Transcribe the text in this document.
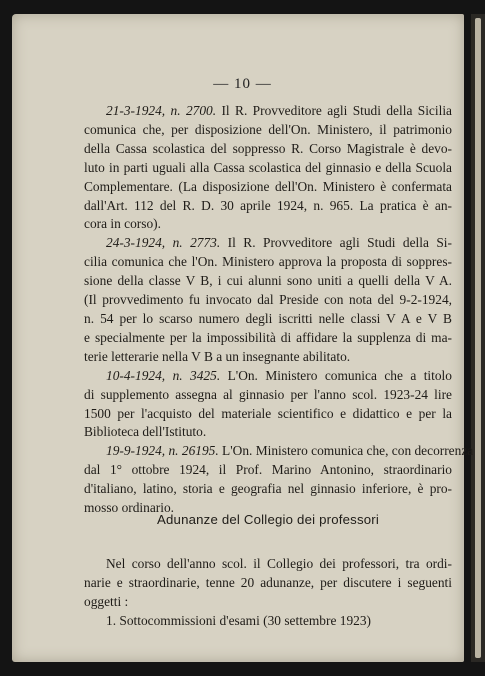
— 10 —
21-3-1924, n. 2700. Il R. Provveditore agli Studi della Sicilia
comunica che, per disposizione dell'On. Ministero, il patrimonio
della Cassa scolastica del soppresso R. Corso Magistrale è devo-
luto in parti uguali alla Cassa scolastica del ginnasio e della Scuola
Complementare. (La disposizione dell'On. Ministero è confermata
dall'Art. 112 del R. D. 30 aprile 1924, n. 965. La pratica è an-
cora in corso).
24-3-1924, n. 2773. Il R. Provveditore agli Studi della Si-
cilia comunica che l'On. Ministero approva la proposta di soppres-
sione della classe V B, i cui alunni sono uniti a quelli della V A.
(Il provvedimento fu invocato dal Preside con nota del 9-2-1924,
n. 54 per lo scarso numero degli iscritti nelle classi V A e V B
e specialmente per la impossibilità di affidare la supplenza di ma-
terie letterarie nella V B a un insegnante abilitato.
10-4-1924, n. 3425. L'On. Ministero comunica che a titolo
di supplemento assegna al ginnasio per l'anno scol. 1923-24 lire
1500 per l'acquisto del materiale scientifico e didattico e per la
Biblioteca dell'Istituto.
19-9-1924, n. 26195. L'On. Ministero comunica che, con decorrenza
dal 1° ottobre 1924, il Prof. Marino Antonino, straordinario
d'italiano, latino, storia e geografia nel ginnasio inferiore, è pro-
mosso ordinario.
Adunanze del Collegio dei professori
Nel corso dell'anno scol. il Collegio dei professori, tra ordi-
narie e straordinarie, tenne 20 adunanze, per discutere i seguenti
oggetti :
1. Sottocommissioni d'esami (30 settembre 1923)
